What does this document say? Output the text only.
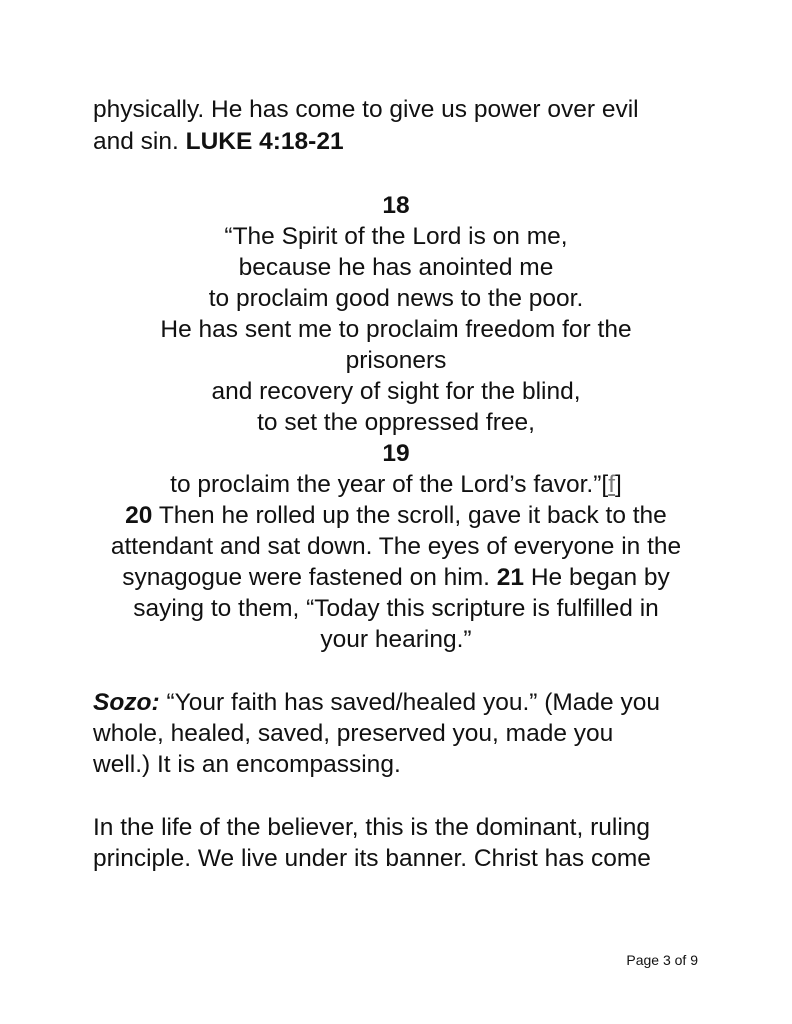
physically. He has come to give us power over evil
and sin. LUKE 4:18-21
18
“The Spirit of the Lord is on me,
because he has anointed me
to proclaim good news to the poor.
He has sent me to proclaim freedom for the
prisoners
and recovery of sight for the blind,
to set the oppressed free,
19
to proclaim the year of the Lord’s favor.”[f]
20 Then he rolled up the scroll, gave it back to the
attendant and sat down. The eyes of everyone in the
synagogue were fastened on him. 21 He began by
saying to them, “Today this scripture is fulfilled in
your hearing.”
Sozo: “Your faith has saved/healed you.” (Made you
whole, healed, saved, preserved you, made you
well.) It is an encompassing.
In the life of the believer, this is the dominant, ruling
principle. We live under its banner. Christ has come
Page 3 of 9
